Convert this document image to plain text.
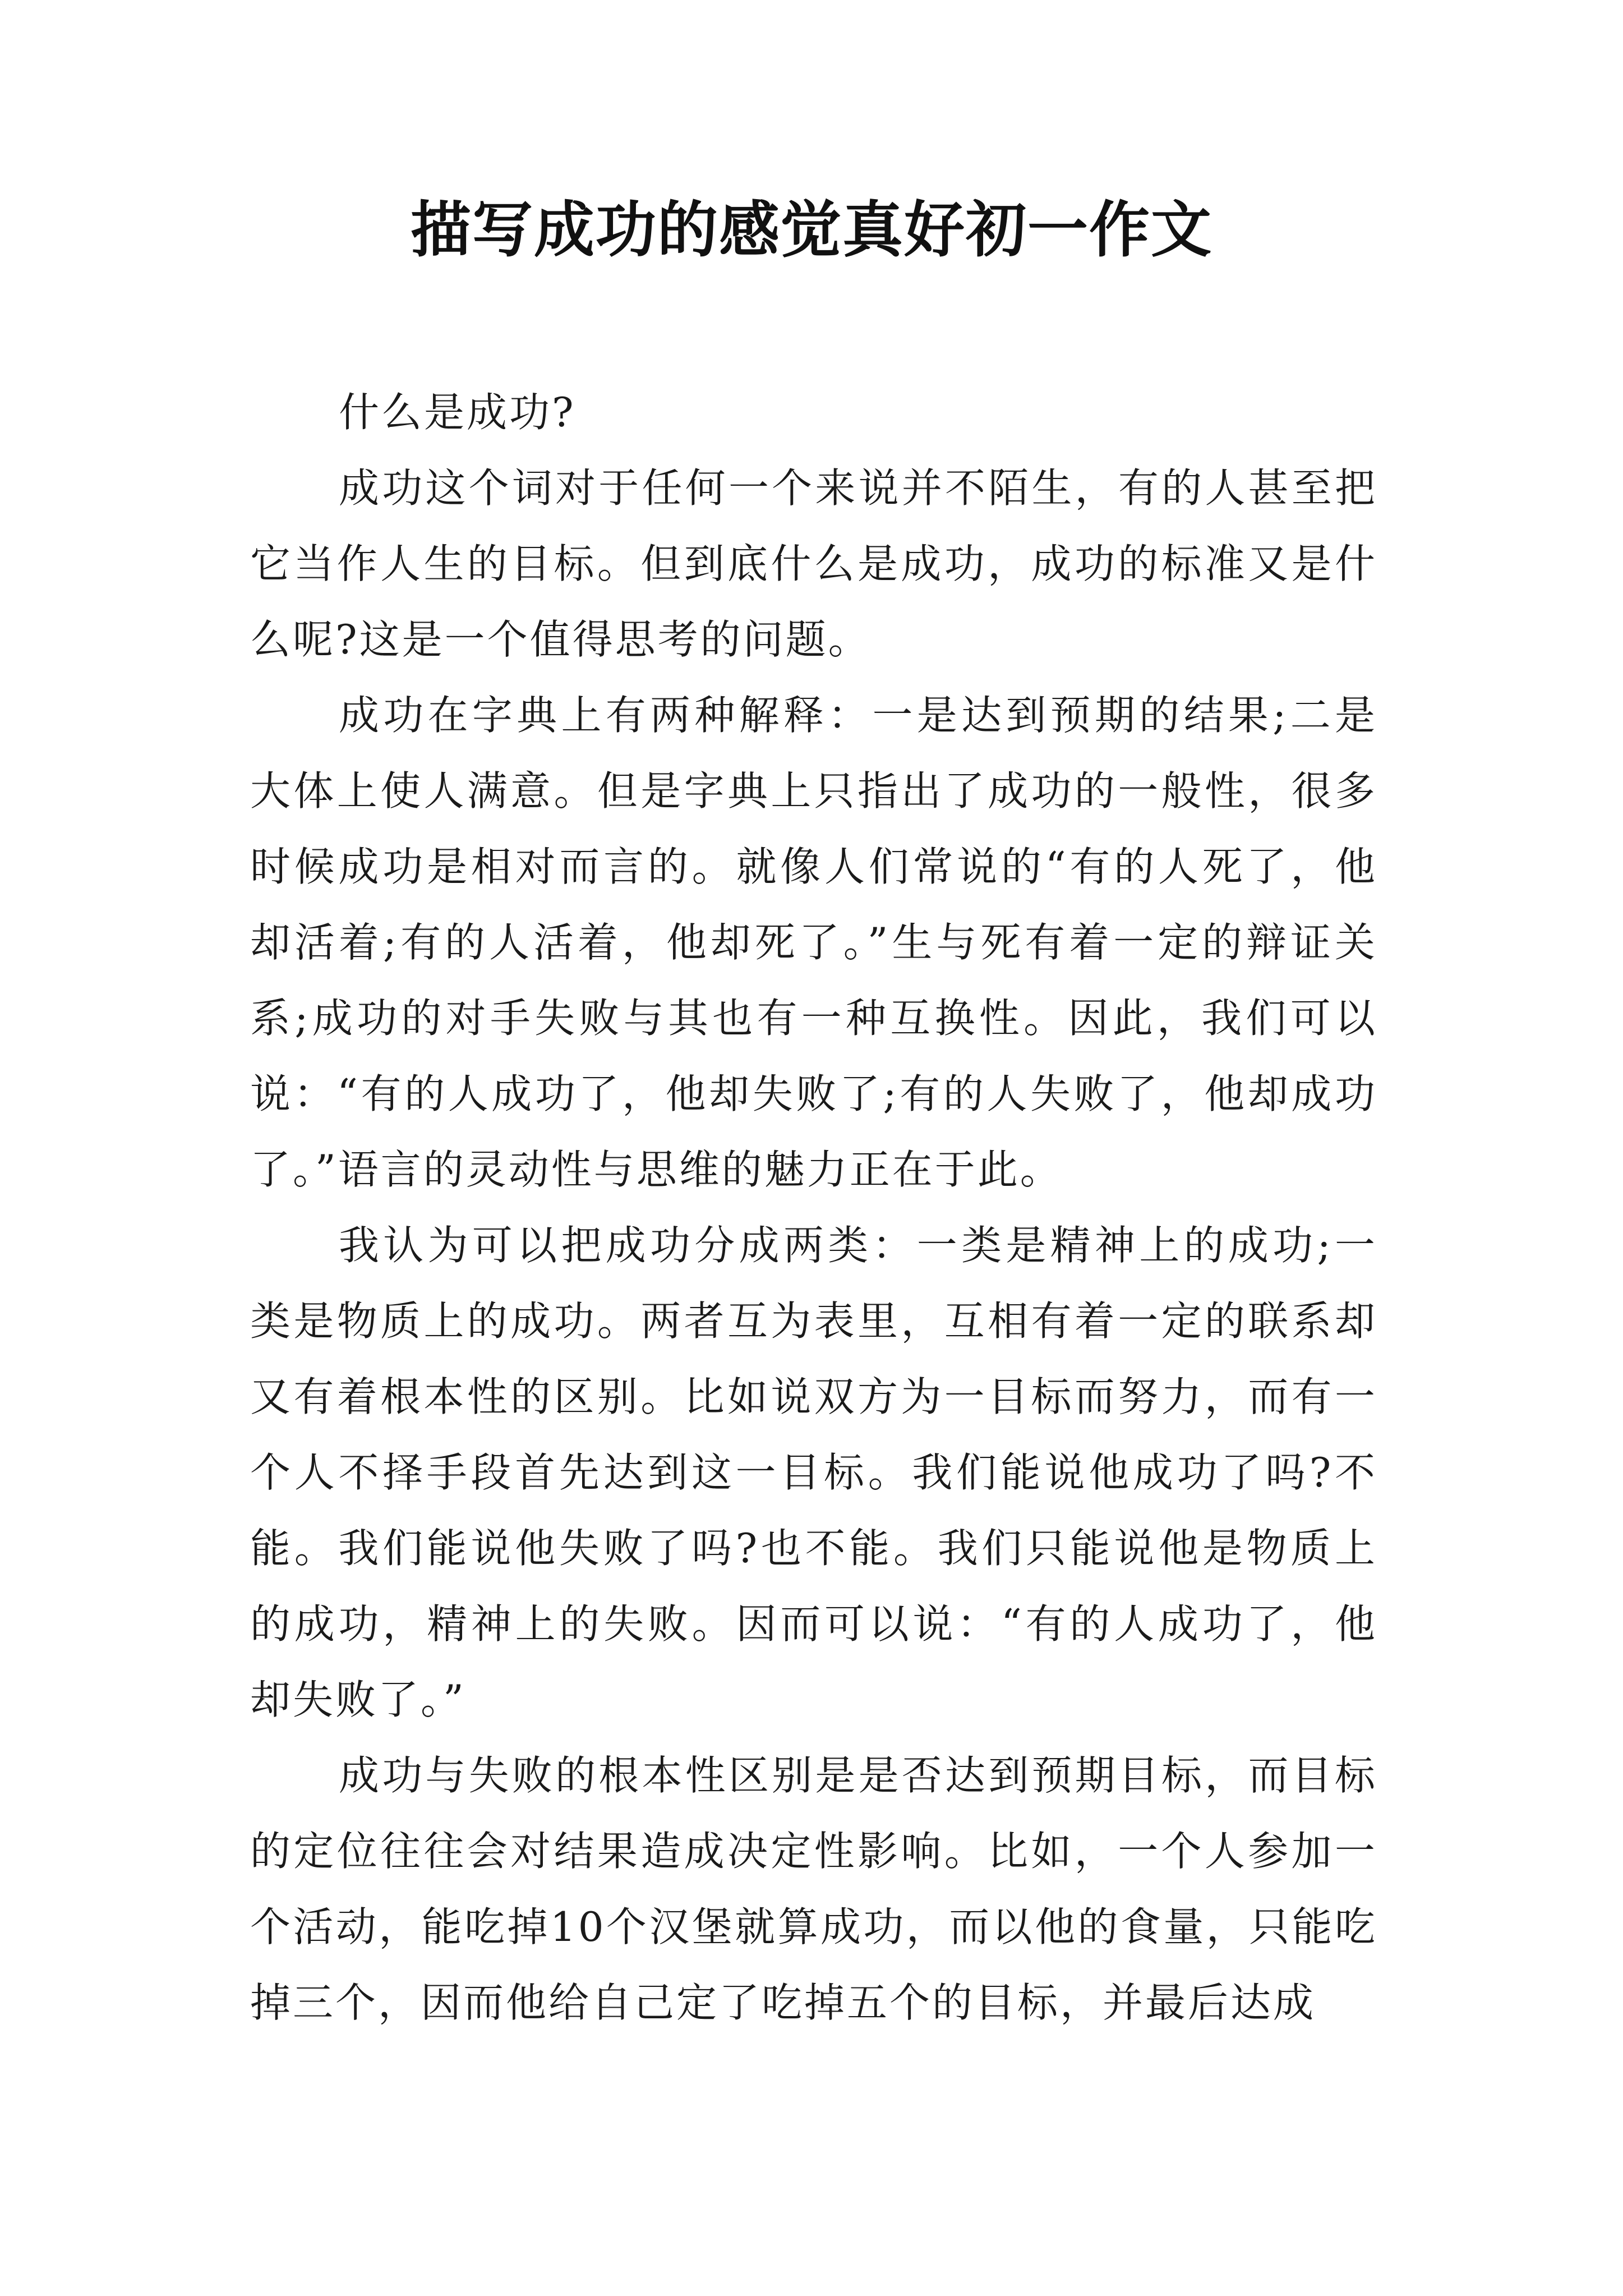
描写成功的感觉真好初一作文

什么是成功?

成功这个词对于任何一个来说并不陌生，有的人甚至把它当作人生的目标。但到底什么是成功，成功的标准又是什么呢?这是一个值得思考的问题。

成功在字典上有两种解释：一是达到预期的结果;二是大体上使人满意。但是字典上只指出了成功的一般性，很多时候成功是相对而言的。就像人们常说的“有的人死了，他却活着;有的人活着，他却死了。”生与死有着一定的辩证关系;成功的对手失败与其也有一种互换性。因此，我们可以说：“有的人成功了，他却失败了;有的人失败了，他却成功了。”语言的灵动性与思维的魅力正在于此。

我认为可以把成功分成两类：一类是精神上的成功;一类是物质上的成功。两者互为表里，互相有着一定的联系却又有着根本性的区别。比如说双方为一目标而努力，而有一个人不择手段首先达到这一目标。我们能说他成功了吗?不能。我们能说他失败了吗?也不能。我们只能说他是物质上的成功，精神上的失败。因而可以说：“有的人成功了，他却失败了。”

成功与失败的根本性区别是是否达到预期目标，而目标的定位往往会对结果造成决定性影响。比如，一个人参加一个活动，能吃掉10个汉堡就算成功，而以他的食量，只能吃掉三个，因而他给自己定了吃掉五个的目标，并最后达成
